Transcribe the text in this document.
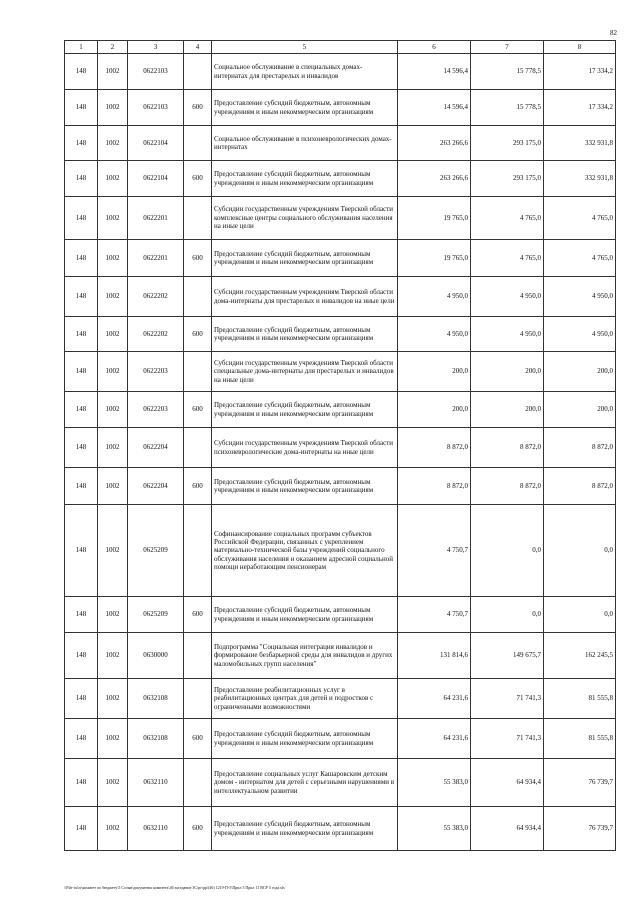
82
1	2	3	4	5	6	7	8
148	1002	0622103		Социальное обслуживание в специальных домах-интернатах для престарелых и инвалидов	14 596,4	15 778,5	17 334,2
148	1002	0622103	600	Предоставление субсидий бюджетным, автономным учреждениям и иным некоммерческим организациям	14 596,4	15 778,5	17 334,2
148	1002	0622104		Социальное обслуживание в психоневрологических домах-интернатах	263 266,6	293 175,0	332 931,8
148	1002	0622104	600	Предоставление субсидий бюджетным, автономным учреждениям и иным некоммерческим организациям	263 266,6	293 175,0	332 931,8
148	1002	0622201		Субсидии государственным учреждениям Тверской области комплексные центры социального обслуживания населения на иные цели	19 765,0	4 765,0	4 765,0
148	1002	0622201	600	Предоставление субсидий бюджетным, автономным учреждениям и иным некоммерческим организациям	19 765,0	4 765,0	4 765,0
148	1002	0622202		Субсидии государственным учреждениям Тверской области дома-интернаты для престарелых и инвалидов на иные цели	4 950,0	4 950,0	4 950,0
148	1002	0622202	600	Предоставление субсидий бюджетным, автономным учреждениям и иным некоммерческим организациям	4 950,0	4 950,0	4 950,0
148	1002	0622203		Субсидии государственным учреждениям Тверской области специальные дома-интернаты для престарелых и инвалидов на иные цели	200,0	200,0	200,0
148	1002	0622203	600	Предоставление субсидий бюджетным, автономным учреждениям и иным некоммерческим организациям	200,0	200,0	200,0
148	1002	0622204		Субсидии государственным учреждениям Тверской области психоневрологические дома-интернаты на иные цели	8 872,0	8 872,0	8 872,0
148	1002	0622204	600	Предоставление субсидий бюджетным, автономным учреждениям и иным некоммерческим организациям	8 872,0	8 872,0	8 872,0
148	1002	0625209		Софинансирование социальных программ субъектов Российской Федерации, связанных с укреплением материально-технической базы учреждений социального обслуживания населения и оказанием адресной социальной помощи неработающим пенсионерам	4 750,7	0,0	0,0
148	1002	0625209	600	Предоставление субсидий бюджетным, автономным учреждениям и иным некоммерческим организациям	4 750,7	0,0	0,0
148	1002	0630000		Подпрограмма "Социальная интеграция инвалидов и формирование безбарьерной среды для инвалидов и других маломобильных групп населения"	131 814,6	149 675,7	162 245,5
148	1002	0632108		Предоставление реабилитационных услуг в реабилитационных центрах для детей и подростков с ограниченными возможностями	64 231,6	71 741,3	81 555,8
148	1002	0632108	600	Предоставление субсидий бюджетным, автономным учреждениям и иным некоммерческим организациям	64 231,6	71 741,3	81 555,8
148	1002	0632110		Предоставление социальных услуг Кашаровским детским домом - интернатом для детей с серьезными нарушениями в интеллектуальном развитии	55 383,0	64 934,4	76 739,7
148	1002	0632110	600	Предоставление субсидий бюджетным, автономным учреждениям и иным некоммерческим организациям	55 383,0	64 934,4	76 739,7
\\File-ist\rr\комитет по бюджету\5 Созыв\документы комитета\46 заседание ЗС\рг\рр\(46) 1219-П-5\Прил 5 Прил 11 ВСР 3 года.xls
